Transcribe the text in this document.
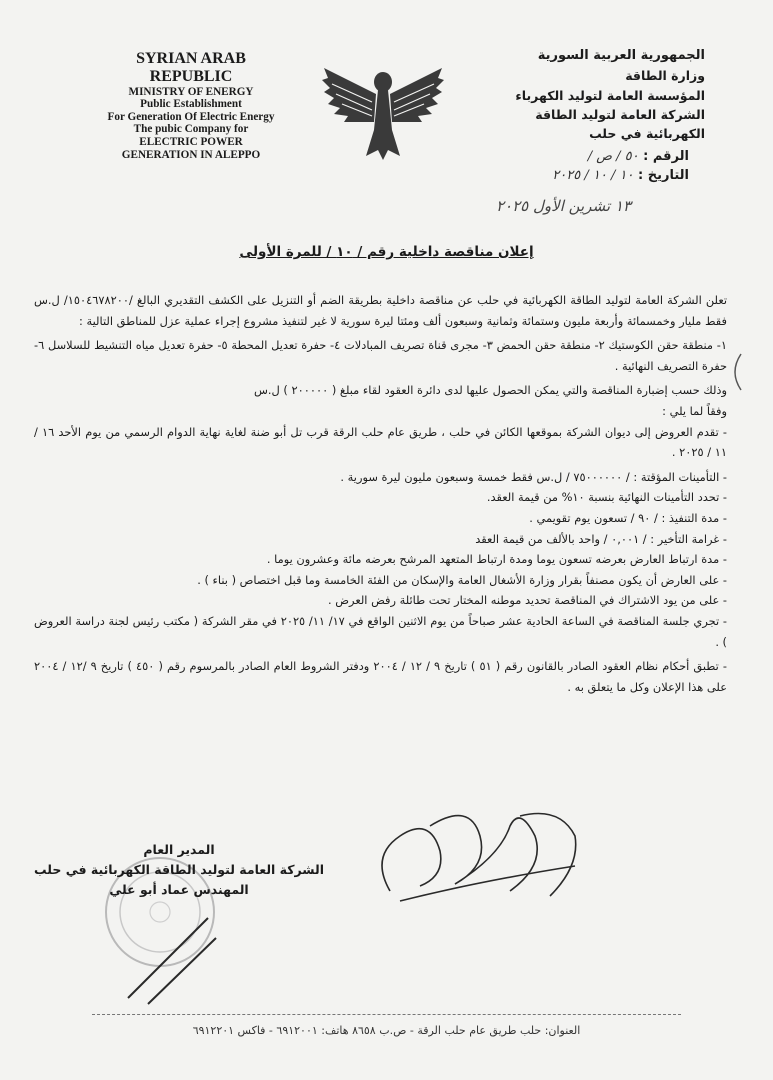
SYRIAN ARAB
REPUBLIC
MINISTRY OF ENERGY
Public Establishment
For Generation Of Electric Energy
The pubic Company for
ELECTRIC POWER
GENERATION IN ALEPPO
الجمهورية العربية السورية
وزارة الطاقة
المؤسسة العامة لتوليد الكهرباء
الشركة العامة لتوليد الطاقة
الكهربائية في حلب
الرقم : ٥٠ / ص /
التاريخ : ١٠ / ١٠ / ٢٠٢٥
١٣ تشرين الأول ٢٠٢٥
إعلان مناقصة داخلية رقم / ١٠ / للمرة الأولى

تعلن الشركة العامة لتوليد الطاقة الكهربائية في حلب عن مناقصة داخلية بطريقة الضم أو التنزيل على الكشف التقديري البالغ /١٥٠٤٦٧٨٢٠٠/ ل.س فقط مليار وخمسمائة وأربعة مليون وستمائة وثمانية وسبعون ألف ومئتا ليرة سورية لا غير لتنفيذ مشروع إجراء عملية عزل للمناطق التالية :

١- منطقة حقن الكوستيك ٢- منطقة حقن الحمض ٣- مجرى قناة تصريف المبادلات ٤- حفرة تعديل المحطة ٥- حفرة تعديل مياه التنشيط للسلاسل ٦- حفرة التصريف النهائية .

وذلك حسب إضبارة المناقصة والتي يمكن الحصول عليها لدى دائرة العقود لقاء مبلغ ( ٢٠٠٠٠٠ ) ل.س

وفقاً لما يلي :

- تقدم العروض إلى ديوان الشركة بموقعها الكائن في حلب ، طريق عام حلب الرقة قرب تل أبو ضنة لغاية نهاية الدوام الرسمي من يوم الأحد ١٦ / ١١ / ٢٠٢٥ .

- التأمينات المؤقتة : / ٧٥٠٠٠٠٠٠ / ل.س فقط خمسة وسبعون مليون ليرة سورية .

- تحدد التأمينات النهائية بنسبة ١٠% من قيمة العقد.

- مدة التنفيذ : / ٩٠ / تسعون يوم تقويمي .

- غرامة التأخير : / ٠,٠٠١ / واحد بالألف من قيمة العقد

- مدة ارتباط العارض بعرضه تسعون يوما ومدة ارتباط المتعهد المرشح بعرضه مائة وعشرون يوما .

- على العارض أن يكون مصنفاً بقرار وزارة الأشغال العامة والإسكان من الفئة الخامسة وما قبل اختصاص ( بناء ) .

- على من يود الاشتراك في المناقصة تحديد موطنه المختار تحت طائلة رفض العرض .

- تجري جلسة المناقصة في الساعة الحادية عشر صباحاً من يوم الاثنين الواقع في ١٧/ ١١/ ٢٠٢٥ في مقر الشركة ( مكتب رئيس لجنة دراسة العروض ) .

- تطبق أحكام نظام العقود الصادر بالقانون رقم ( ٥١ ) تاريخ ٩ / ١٢ / ٢٠٠٤ ودفتر الشروط العام الصادر بالمرسوم رقم ( ٤٥٠ ) تاريخ ٩ /١٢ / ٢٠٠٤ على هذا الإعلان وكل ما يتعلق به .

المدير العام
الشركة العامة لتوليد الطاقة الكهربائية في حلب
المهندس عماد أبو علي
العنوان: حلب طريق عام حلب الرقة - ص.ب ٨٦٥٨ هاتف: ٦٩١٢٠٠١ - فاكس ٦٩١٢٢٠١
